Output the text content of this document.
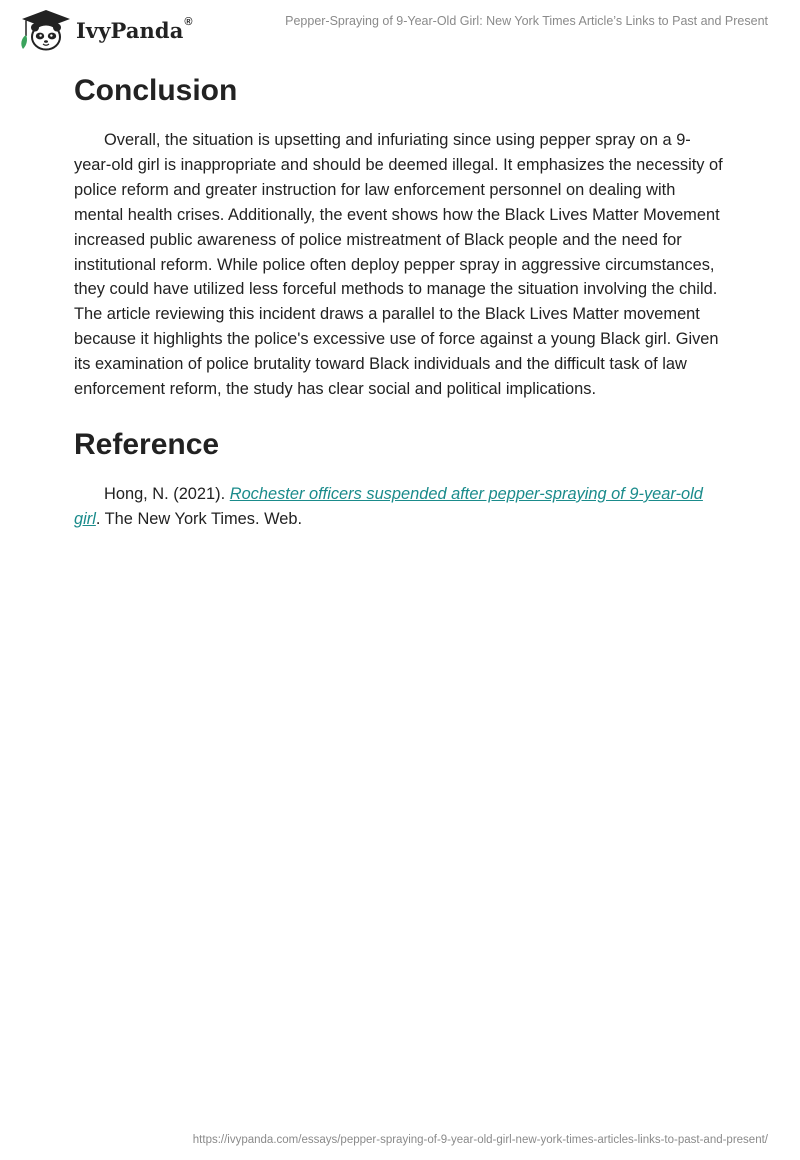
IvyPanda®	Pepper-Spraying of 9-Year-Old Girl: New York Times Article’s Links to Past and Present
Conclusion

Overall, the situation is upsetting and infuriating since using pepper spray on a 9-year-old girl is inappropriate and should be deemed illegal. It emphasizes the necessity of police reform and greater instruction for law enforcement personnel on dealing with mental health crises. Additionally, the event shows how the Black Lives Matter Movement increased public awareness of police mistreatment of Black people and the need for institutional reform. While police often deploy pepper spray in aggressive circumstances, they could have utilized less forceful methods to manage the situation involving the child. The article reviewing this incident draws a parallel to the Black Lives Matter movement because it highlights the police's excessive use of force against a young Black girl. Given its examination of police brutality toward Black individuals and the difficult task of law enforcement reform, the study has clear social and political implications.

Reference

Hong, N. (2021). Rochester officers suspended after pepper-spraying of 9-year-old girl. The New York Times. Web.

https://ivypanda.com/essays/pepper-spraying-of-9-year-old-girl-new-york-times-articles-links-to-past-and-present/
